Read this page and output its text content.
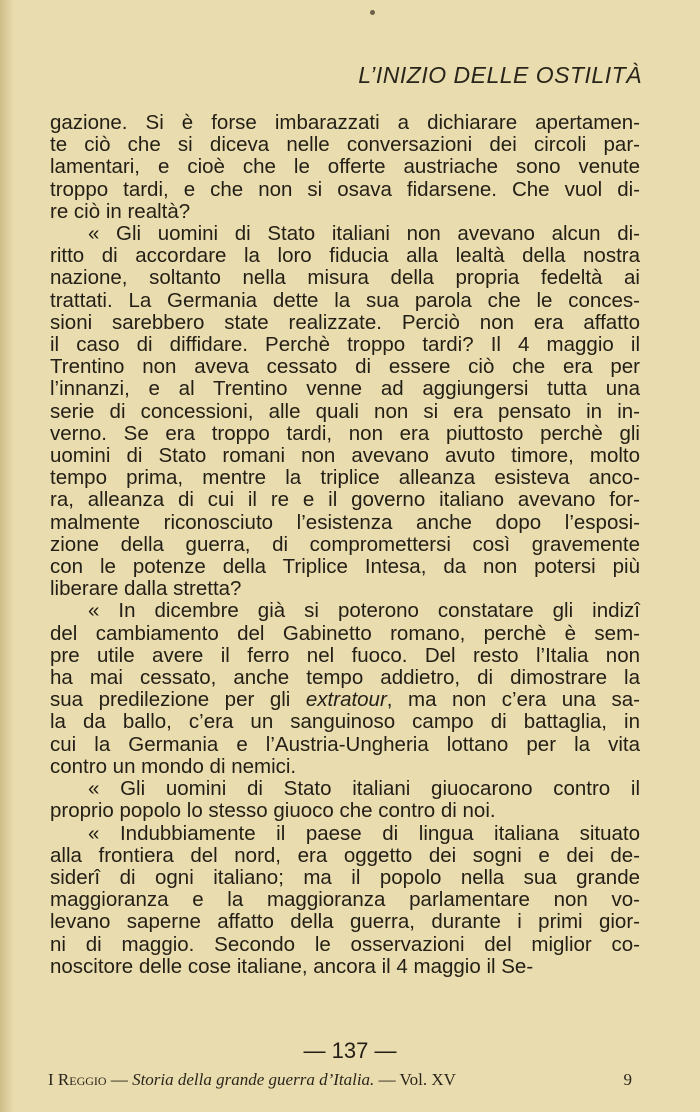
L’INIZIO DELLE OSTILITÀ

gazione. Si è forse imbarazzati a dichiarare apertamen-

te ciò che si diceva nelle conversazioni dei circoli par-

lamentari, e cioè che le offerte austriache sono venute

troppo tardi, e che non si osava fidarsene. Che vuol di-

re ciò in realtà?

« Gli uomini di Stato italiani non avevano alcun di-

ritto di accordare la loro fiducia alla lealtà della nostra

nazione, soltanto nella misura della propria fedeltà ai

trattati. La Germania dette la sua parola che le conces-

sioni sarebbero state realizzate. Perciò non era affatto

il caso di diffidare. Perchè troppo tardi? Il 4 maggio il

Trentino non aveva cessato di essere ciò che era per

l’innanzi, e al Trentino venne ad aggiungersi tutta una

serie di concessioni, alle quali non si era pensato in in-

verno. Se era troppo tardi, non era piuttosto perchè gli

uomini di Stato romani non avevano avuto timore, molto

tempo prima, mentre la triplice alleanza esisteva anco-

ra, alleanza di cui il re e il governo italiano avevano for-

malmente riconosciuto l’esistenza anche dopo l’esposi-

zione della guerra, di compromettersi così gravemente

con le potenze della Triplice Intesa, da non potersi più

liberare dalla stretta?

« In dicembre già si poterono constatare gli indizî

del cambiamento del Gabinetto romano, perchè è sem-

pre utile avere il ferro nel fuoco. Del resto l’Italia non

ha mai cessato, anche tempo addietro, di dimostrare la

sua predilezione per gli extratour, ma non c’era una sa-

la da ballo, c’era un sanguinoso campo di battaglia, in

cui la Germania e l’Austria-Ungheria lottano per la vita

contro un mondo di nemici.

« Gli uomini di Stato italiani giuocarono contro il

proprio popolo lo stesso giuoco che contro di noi.

« Indubbiamente il paese di lingua italiana situato

alla frontiera del nord, era oggetto dei sogni e dei de-

siderî di ogni italiano; ma il popolo nella sua grande

maggioranza e la maggioranza parlamentare non vo-

levano saperne affatto della guerra, durante i primi gior-

ni di maggio. Secondo le osservazioni del miglior co-

noscitore delle cose italiane, ancora il 4 maggio il Se-

— 137 —
I Reggio — Storia della grande guerra d’Italia. — Vol. XV	9
